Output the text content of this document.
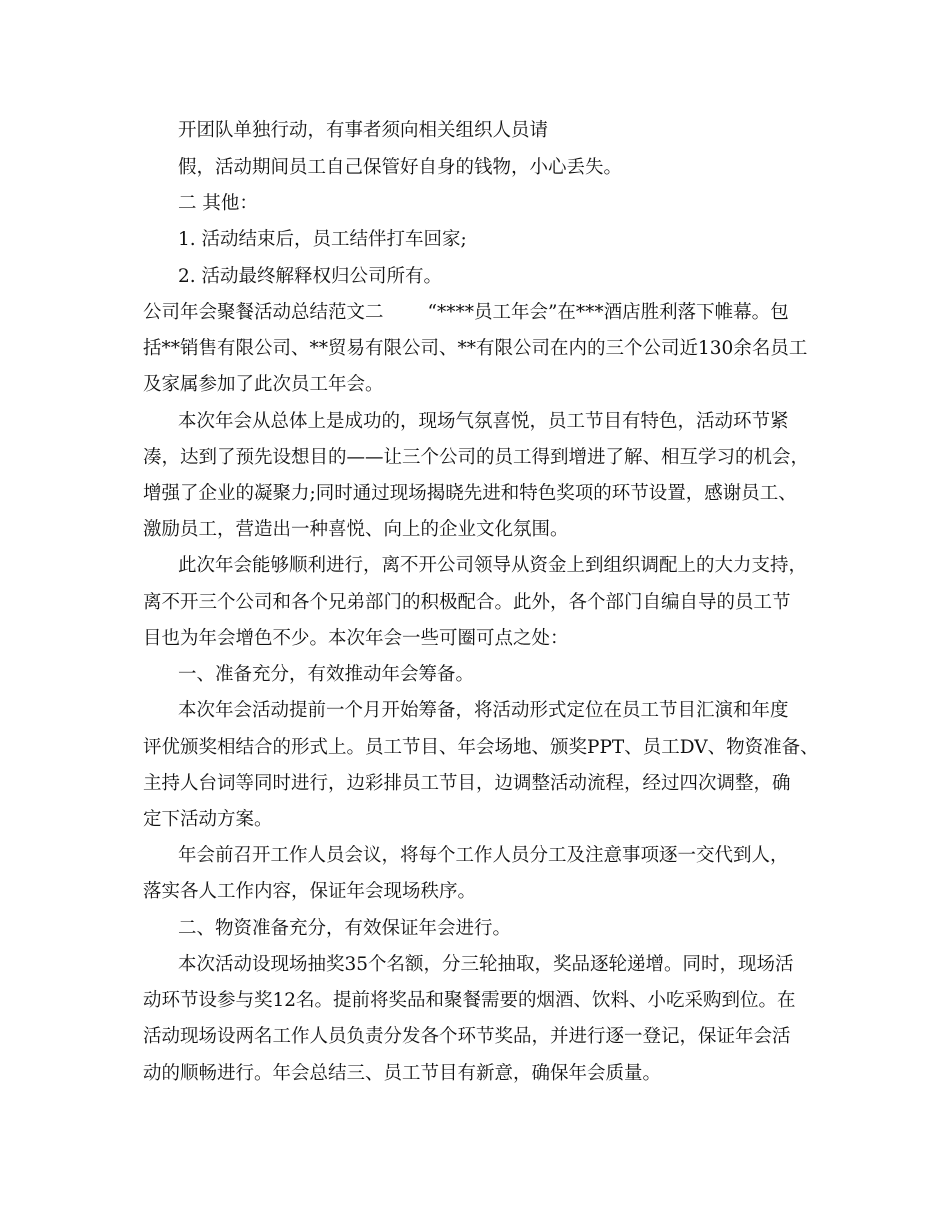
开团队单独行动，有事者须向相关组织人员请
假，活动期间员工自己保管好自身的钱物，小心丢失。
二 其他：
1. 活动结束后，员工结伴打车回家;
2. 活动最终解释权归公司所有。
公司年会聚餐活动总结范文二 “****员工年会”在***酒店胜利落下帷幕。包
括**销售有限公司、**贸易有限公司、**有限公司在内的三个公司近130余名员工
及家属参加了此次员工年会。
本次年会从总体上是成功的，现场气氛喜悦，员工节目有特色，活动环节紧
凑，达到了预先设想目的——让三个公司的员工得到增进了解、相互学习的机会，
增强了企业的凝聚力;同时通过现场揭晓先进和特色奖项的环节设置，感谢员工、
激励员工，营造出一种喜悦、向上的企业文化氛围。
此次年会能够顺利进行，离不开公司领导从资金上到组织调配上的大力支持，
离不开三个公司和各个兄弟部门的积极配合。此外，各个部门自编自导的员工节
目也为年会增色不少。本次年会一些可圈可点之处：
一、准备充分，有效推动年会筹备。
本次年会活动提前一个月开始筹备，将活动形式定位在员工节目汇演和年度
评优颁奖相结合的形式上。员工节目、年会场地、颁奖PPT、员工DV、物资准备、
主持人台词等同时进行，边彩排员工节目，边调整活动流程，经过四次调整，确
定下活动方案。
年会前召开工作人员会议，将每个工作人员分工及注意事项逐一交代到人，
落实各人工作内容，保证年会现场秩序。
二、物资准备充分，有效保证年会进行。
本次活动设现场抽奖35个名额，分三轮抽取，奖品逐轮递增。同时，现场活
动环节设参与奖12名。提前将奖品和聚餐需要的烟酒、饮料、小吃采购到位。在
活动现场设两名工作人员负责分发各个环节奖品，并进行逐一登记，保证年会活
动的顺畅进行。年会总结三、员工节目有新意，确保年会质量。
